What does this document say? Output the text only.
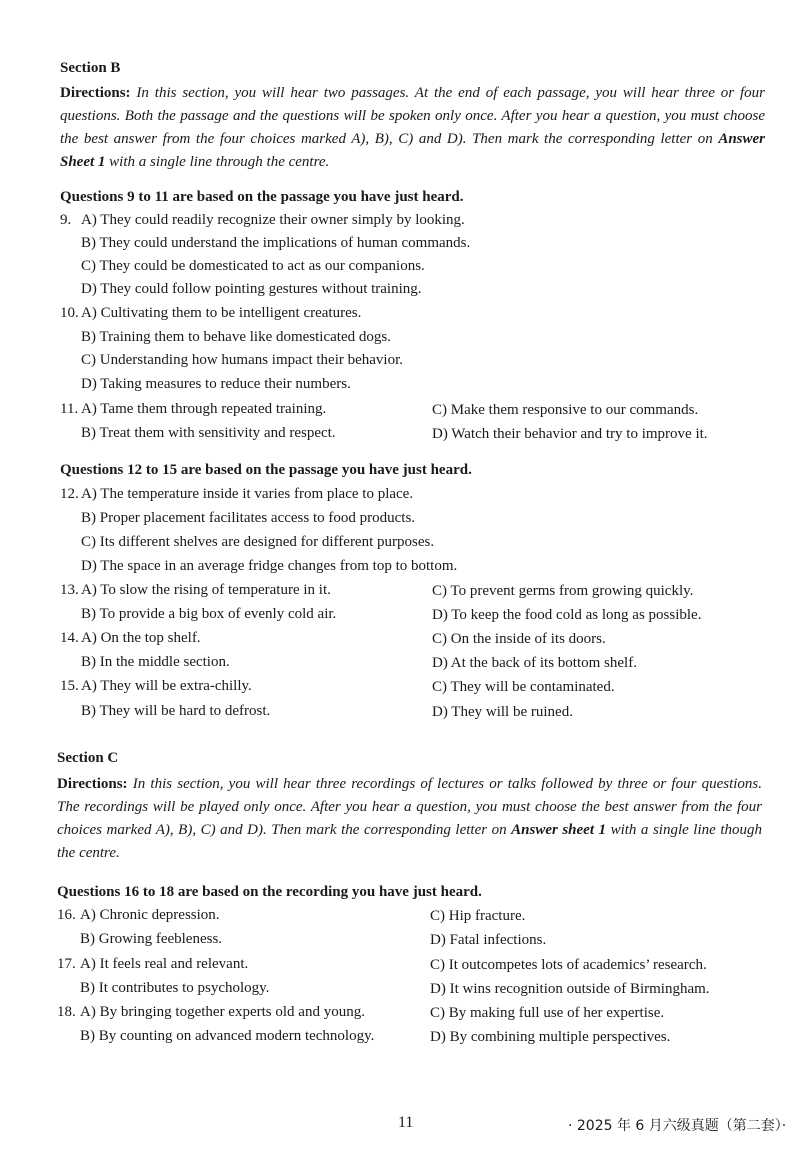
Section B
Directions: In this section, you will hear two passages. At the end of each passage, you will hear three or four questions. Both the passage and the questions will be spoken only once. After you hear a question, you must choose the best answer from the four choices marked A), B), C) and D). Then mark the corresponding letter on Answer Sheet 1 with a single line through the centre.
Questions 9 to 11 are based on the passage you have just heard.
9. A) They could readily recognize their owner simply by looking.
B) They could understand the implications of human commands.
C) They could be domesticated to act as our companions.
D) They could follow pointing gestures without training.
10. A) Cultivating them to be intelligent creatures.
B) Training them to behave like domesticated dogs.
C) Understanding how humans impact their behavior.
D) Taking measures to reduce their numbers.
11. A) Tame them through repeated training.
B) Treat them with sensitivity and respect.
C) Make them responsive to our commands.
D) Watch their behavior and try to improve it.
Questions 12 to 15 are based on the passage you have just heard.
12. A) The temperature inside it varies from place to place.
B) Proper placement facilitates access to food products.
C) Its different shelves are designed for different purposes.
D) The space in an average fridge changes from top to bottom.
13. A) To slow the rising of temperature in it.
B) To provide a big box of evenly cold air.
C) To prevent germs from growing quickly.
D) To keep the food cold as long as possible.
14. A) On the top shelf.
B) In the middle section.
C) On the inside of its doors.
D) At the back of its bottom shelf.
15. A) They will be extra-chilly.
B) They will be hard to defrost.
C) They will be contaminated.
D) They will be ruined.
Section C
Directions: In this section, you will hear three recordings of lectures or talks followed by three or four questions. The recordings will be played only once. After you hear a question, you must choose the best answer from the four choices marked A), B), C) and D). Then mark the corresponding letter on Answer sheet 1 with a single line though the centre.
Questions 16 to 18 are based on the recording you have just heard.
16. A) Chronic depression.
B) Growing feebleness.
C) Hip fracture.
D) Fatal infections.
17. A) It feels real and relevant.
B) It contributes to psychology.
C) It outcompetes lots of academics’ research.
D) It wins recognition outside of Birmingham.
18. A) By bringing together experts old and young.
B) By counting on advanced modern technology.
C) By making full use of her expertise.
D) By combining multiple perspectives.
11	· 2025 年 6 月六级真题（第二套）·
